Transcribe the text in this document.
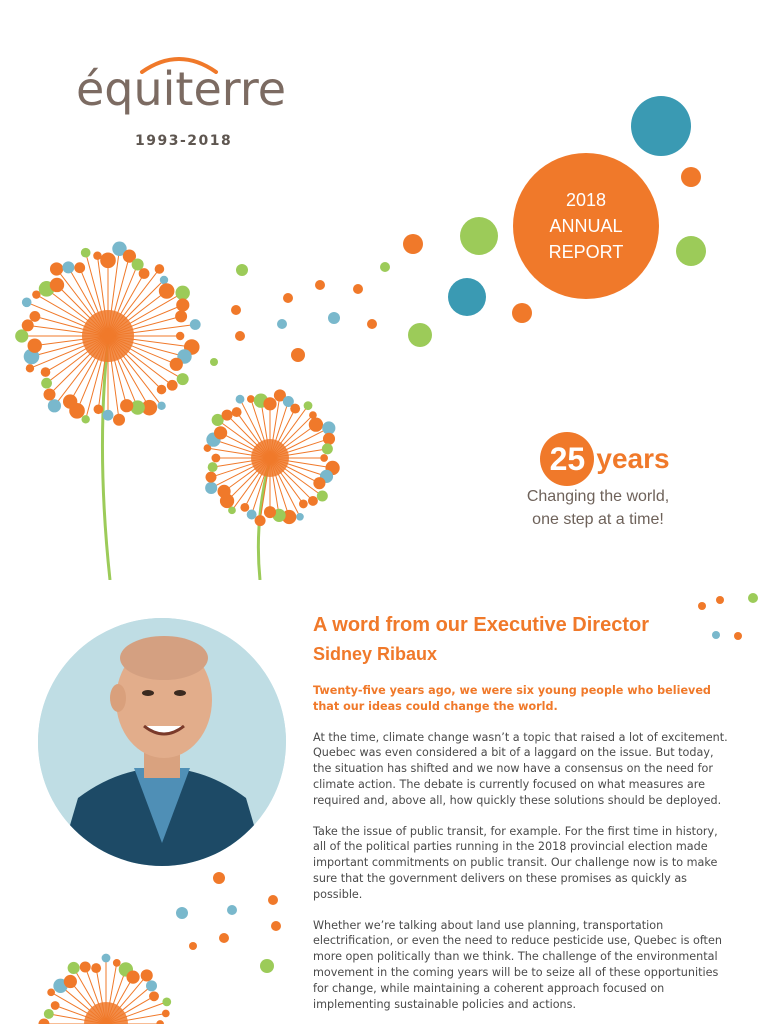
équiterre
1993-2018
2018
ANNUAL
REPORT
25 years
Changing the world,
one step at a time!
A word from our Executive Director
Sidney Ribaux

Twenty-five years ago, we were six young people who believed that our ideas could change the world.

At the time, climate change wasn’t a topic that raised a lot of excitement. Quebec was even considered a bit of a laggard on the issue. But today, the situation has shifted and we now have a consensus on the need for climate action. The debate is currently focused on what measures are required and, above all, how quickly these solutions should be deployed.

Take the issue of public transit, for example. For the first time in history, all of the political parties running in the 2018 provincial election made important commitments on public transit. Our challenge now is to make sure that the government delivers on these promises as quickly as possible.

Whether we’re talking about land use planning, transportation electrification, or even the need to reduce pesticide use, Quebec is often more open politically than we think. The challenge of the environmental movement in the coming years will be to seize all of these opportunities for change, while maintaining a coherent approach focused on implementing sustainable policies and actions.
